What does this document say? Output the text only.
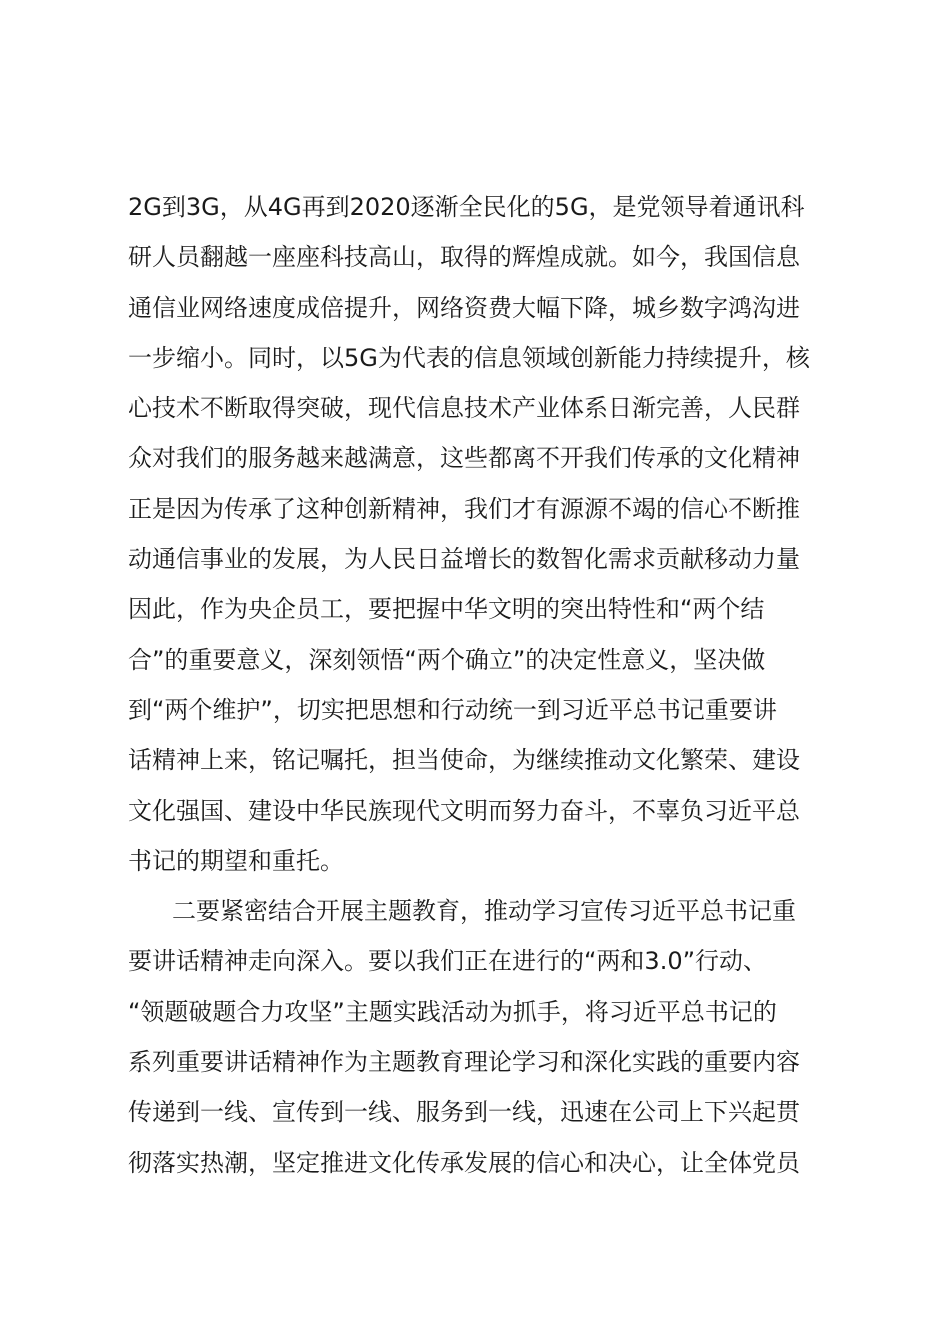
2G到3G，从4G再到2020逐渐全民化的5G，是党领导着通讯科
研人员翻越一座座科技高山，取得的辉煌成就。如今，我国信息
通信业网络速度成倍提升，网络资费大幅下降，城乡数字鸿沟进
一步缩小。同时，以5G为代表的信息领域创新能力持续提升，核
心技术不断取得突破，现代信息技术产业体系日渐完善，人民群
众对我们的服务越来越满意，这些都离不开我们传承的文化精神
正是因为传承了这种创新精神，我们才有源源不竭的信心不断推
动通信事业的发展，为人民日益增长的数智化需求贡献移动力量
因此，作为央企员工，要把握中华文明的突出特性和“两个结
合”的重要意义，深刻领悟“两个确立”的决定性意义，坚决做
到“两个维护”，切实把思想和行动统一到习近平总书记重要讲
话精神上来，铭记嘱托，担当使命，为继续推动文化繁荣、建设
文化强国、建设中华民族现代文明而努力奋斗，不辜负习近平总
书记的期望和重托。
二要紧密结合开展主题教育，推动学习宣传习近平总书记重
要讲话精神走向深入。要以我们正在进行的“两和3.0”行动、
“领题破题合力攻坚”主题实践活动为抓手，将习近平总书记的
系列重要讲话精神作为主题教育理论学习和深化实践的重要内容
传递到一线、宣传到一线、服务到一线，迅速在公司上下兴起贯
彻落实热潮，坚定推进文化传承发展的信心和决心，让全体党员
